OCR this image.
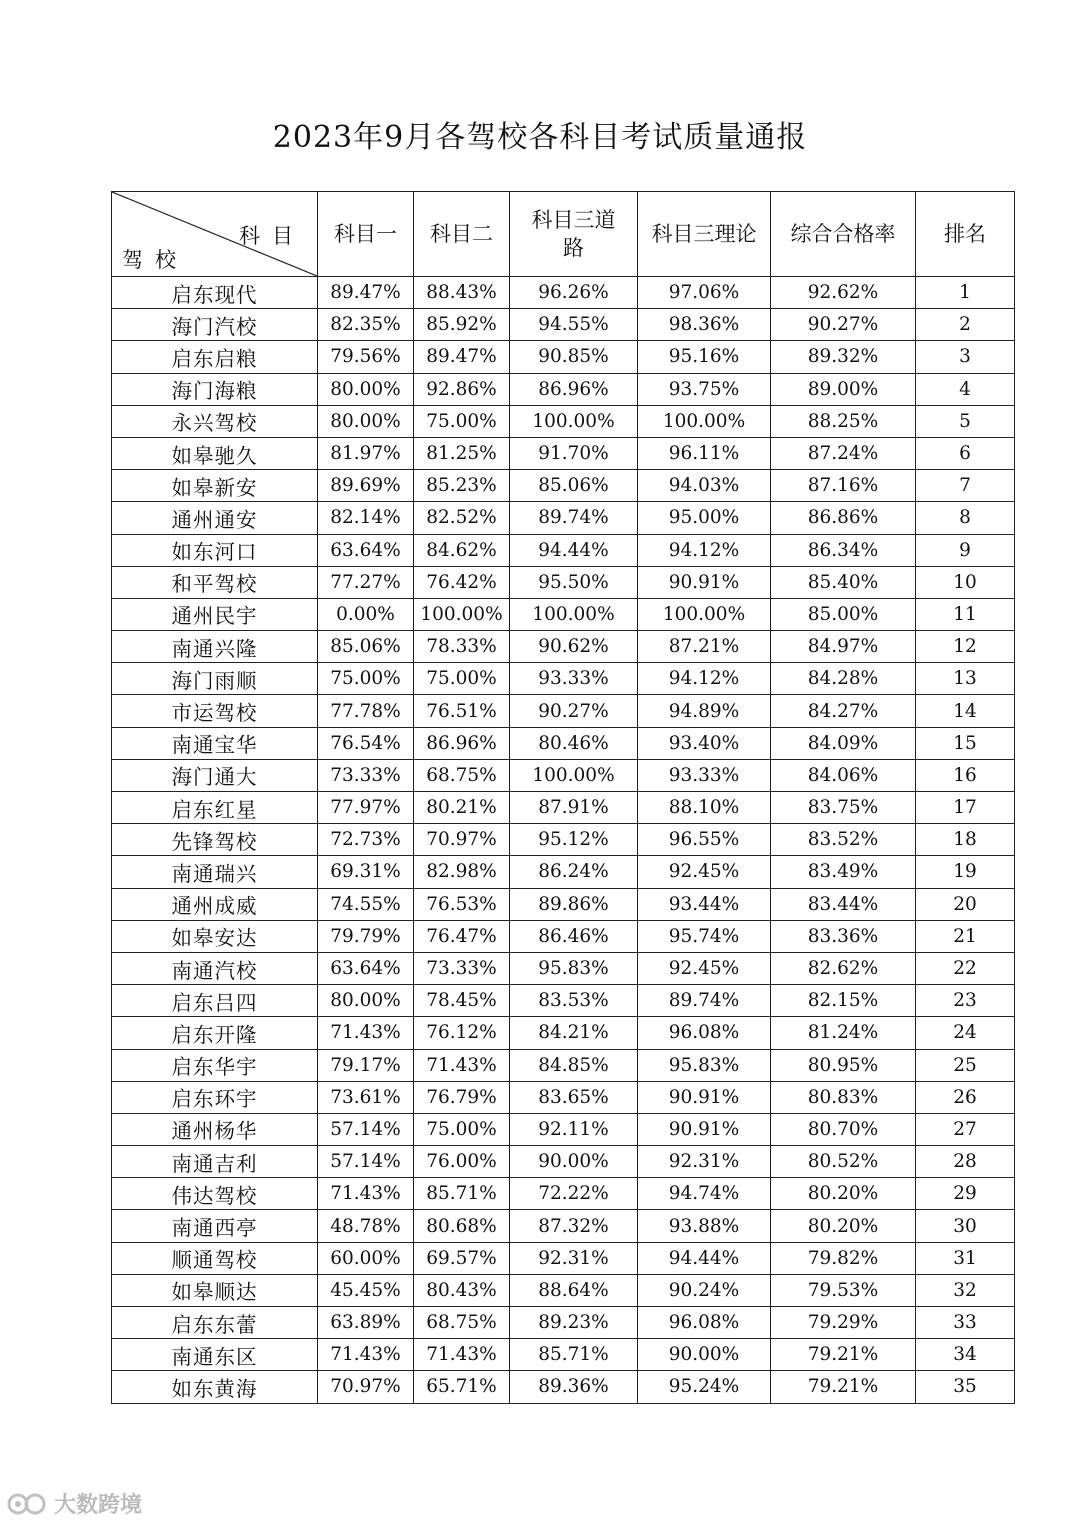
2023年9月各驾校各科目考试质量通报
科目
驾校	科目一	科目二	科目三道路	科目三理论	综合合格率	排名
启东现代	89.47%	88.43%	96.26%	97.06%	92.62%	1
海门汽校	82.35%	85.92%	94.55%	98.36%	90.27%	2
启东启粮	79.56%	89.47%	90.85%	95.16%	89.32%	3
海门海粮	80.00%	92.86%	86.96%	93.75%	89.00%	4
永兴驾校	80.00%	75.00%	100.00%	100.00%	88.25%	5
如皋驰久	81.97%	81.25%	91.70%	96.11%	87.24%	6
如皋新安	89.69%	85.23%	85.06%	94.03%	87.16%	7
通州通安	82.14%	82.52%	89.74%	95.00%	86.86%	8
如东河口	63.64%	84.62%	94.44%	94.12%	86.34%	9
和平驾校	77.27%	76.42%	95.50%	90.91%	85.40%	10
通州民宇	0.00%	100.00%	100.00%	100.00%	85.00%	11
南通兴隆	85.06%	78.33%	90.62%	87.21%	84.97%	12
海门雨顺	75.00%	75.00%	93.33%	94.12%	84.28%	13
市运驾校	77.78%	76.51%	90.27%	94.89%	84.27%	14
南通宝华	76.54%	86.96%	80.46%	93.40%	84.09%	15
海门通大	73.33%	68.75%	100.00%	93.33%	84.06%	16
启东红星	77.97%	80.21%	87.91%	88.10%	83.75%	17
先锋驾校	72.73%	70.97%	95.12%	96.55%	83.52%	18
南通瑞兴	69.31%	82.98%	86.24%	92.45%	83.49%	19
通州成威	74.55%	76.53%	89.86%	93.44%	83.44%	20
如皋安达	79.79%	76.47%	86.46%	95.74%	83.36%	21
南通汽校	63.64%	73.33%	95.83%	92.45%	82.62%	22
启东吕四	80.00%	78.45%	83.53%	89.74%	82.15%	23
启东开隆	71.43%	76.12%	84.21%	96.08%	81.24%	24
启东华宇	79.17%	71.43%	84.85%	95.83%	80.95%	25
启东环宇	73.61%	76.79%	83.65%	90.91%	80.83%	26
通州杨华	57.14%	75.00%	92.11%	90.91%	80.70%	27
南通吉利	57.14%	76.00%	90.00%	92.31%	80.52%	28
伟达驾校	71.43%	85.71%	72.22%	94.74%	80.20%	29
南通西亭	48.78%	80.68%	87.32%	93.88%	80.20%	30
顺通驾校	60.00%	69.57%	92.31%	94.44%	79.82%	31
如皋顺达	45.45%	80.43%	88.64%	90.24%	79.53%	32
启东东蕾	63.89%	68.75%	89.23%	96.08%	79.29%	33
南通东区	71.43%	71.43%	85.71%	90.00%	79.21%	34
如东黄海	70.97%	65.71%	89.36%	95.24%	79.21%	35
大数跨境
